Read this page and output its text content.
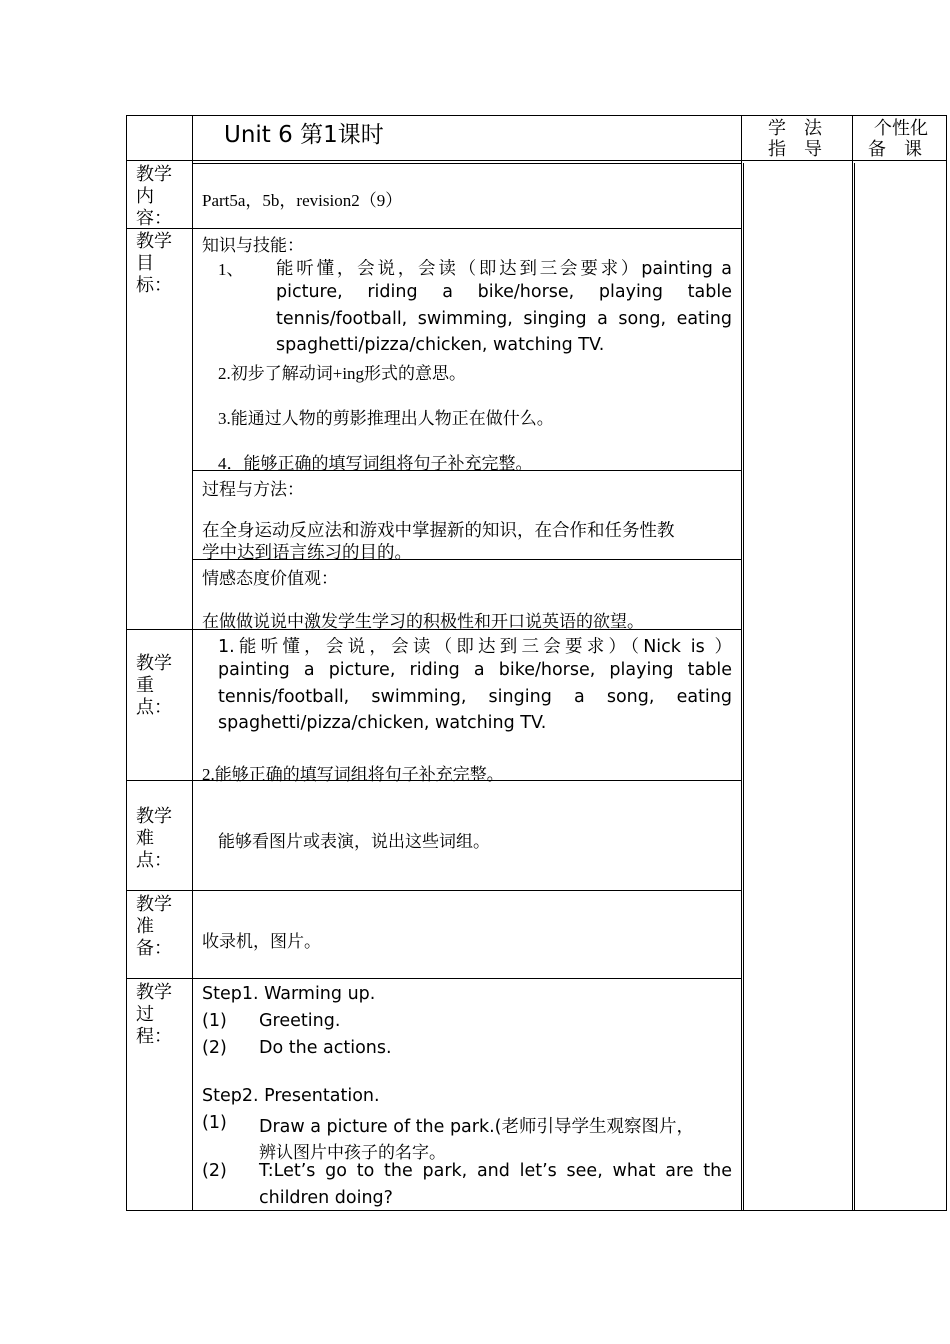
Unit 6 第1课时	学　法
指　导
个性化
备　课
教学
内
容：
Part5a，5b，revision2（9）
教学
目
标：
知识与技能：
1、 能听懂，会说，会读（即达到三会要求）painting a
picture,  riding  a  bike/horse,  playing  table
tennis/football, swimming, singing a song, eating
spaghetti/pizza/chicken, watching TV.
2.初步了解动词+ing形式的意思。
3.能通过人物的剪影推理出人物正在做什么。
4．能够正确的填写词组将句子补充完整。
过程与方法：
在全身运动反应法和游戏中掌握新的知识，在合作和任务性教
学中达到语言练习的目的。
情感态度价值观：
在做做说说中激发学生学习的积极性和开口说英语的欲望。
教学
重
点：
1.能听懂，会说，会读（即达到三会要求）（Nick is ）
painting  a  picture,  riding  a  bike/horse,  playing  table
tennis/football,   swimming,   singing   a   song,   eating
spaghetti/pizza/chicken, watching TV.
2.能够正确的填写词组将句子补充完整。
教学
难
点：
能够看图片或表演，说出这些词组。
教学
准
备：	收录机，图片。
教学
过
程：
Step1. Warming up.
(1) Greeting.
(2) Do the actions.
Step2. Presentation.
(1) Draw a picture of the park.(老师引导学生观察图片，
辨认图片中孩子的名字。
(2) T:Let’s go to the park, and let’s see, what are the
children doing?
